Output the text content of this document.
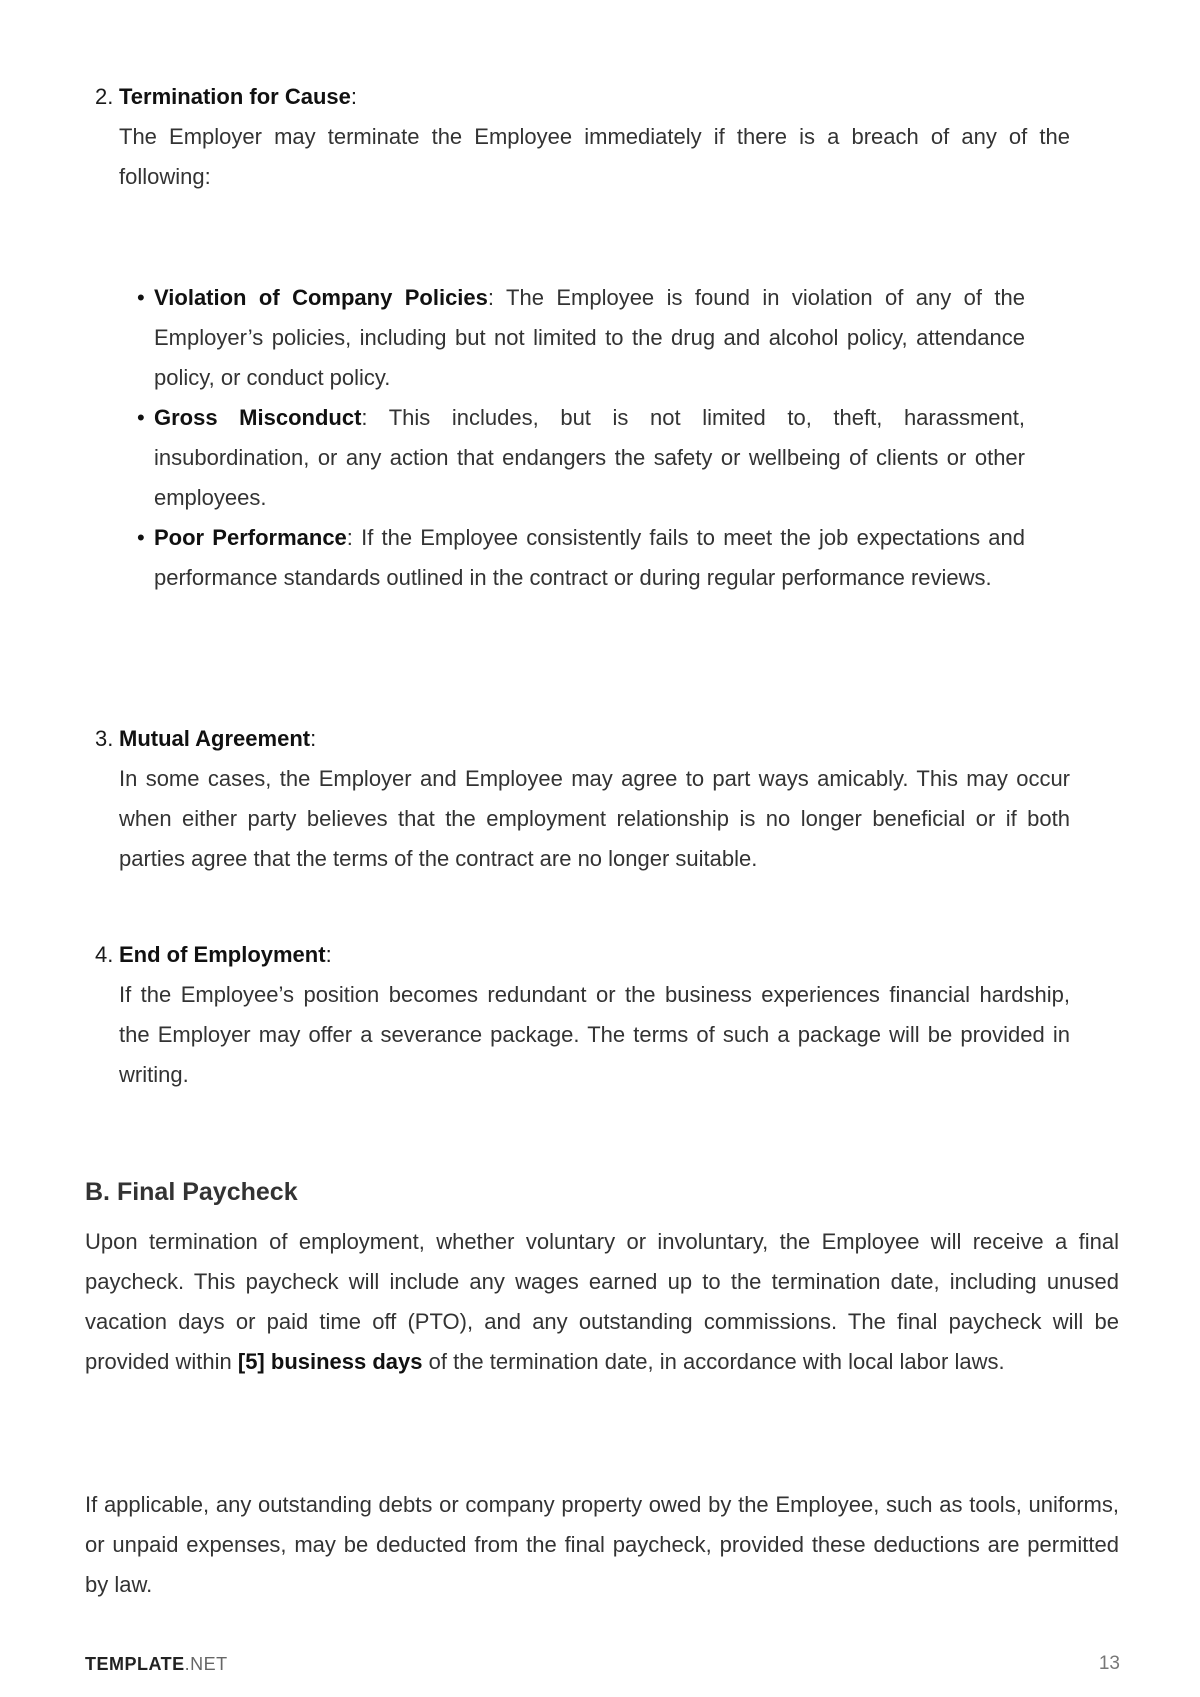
2. Termination for Cause:
The Employer may terminate the Employee immediately if there is a breach of any of the following:
• Violation of Company Policies: The Employee is found in violation of any of the Employer’s policies, including but not limited to the drug and alcohol policy, attendance policy, or conduct policy.
• Gross Misconduct: This includes, but is not limited to, theft, harassment, insubordination, or any action that endangers the safety or wellbeing of clients or other employees.
• Poor Performance: If the Employee consistently fails to meet the job expectations and performance standards outlined in the contract or during regular performance reviews.
3. Mutual Agreement:
In some cases, the Employer and Employee may agree to part ways amicably. This may occur when either party believes that the employment relationship is no longer beneficial or if both parties agree that the terms of the contract are no longer suitable.
4. End of Employment:
If the Employee’s position becomes redundant or the business experiences financial hardship, the Employer may offer a severance package. The terms of such a package will be provided in writing.
B. Final Paycheck

Upon termination of employment, whether voluntary or involuntary, the Employee will receive a final paycheck. This paycheck will include any wages earned up to the termination date, including unused vacation days or paid time off (PTO), and any outstanding commissions. The final paycheck will be provided within [5] business days of the termination date, in accordance with local labor laws.

If applicable, any outstanding debts or company property owed by the Employee, such as tools, uniforms, or unpaid expenses, may be deducted from the final paycheck, provided these deductions are permitted by law.

TEMPLATE.NET	13
